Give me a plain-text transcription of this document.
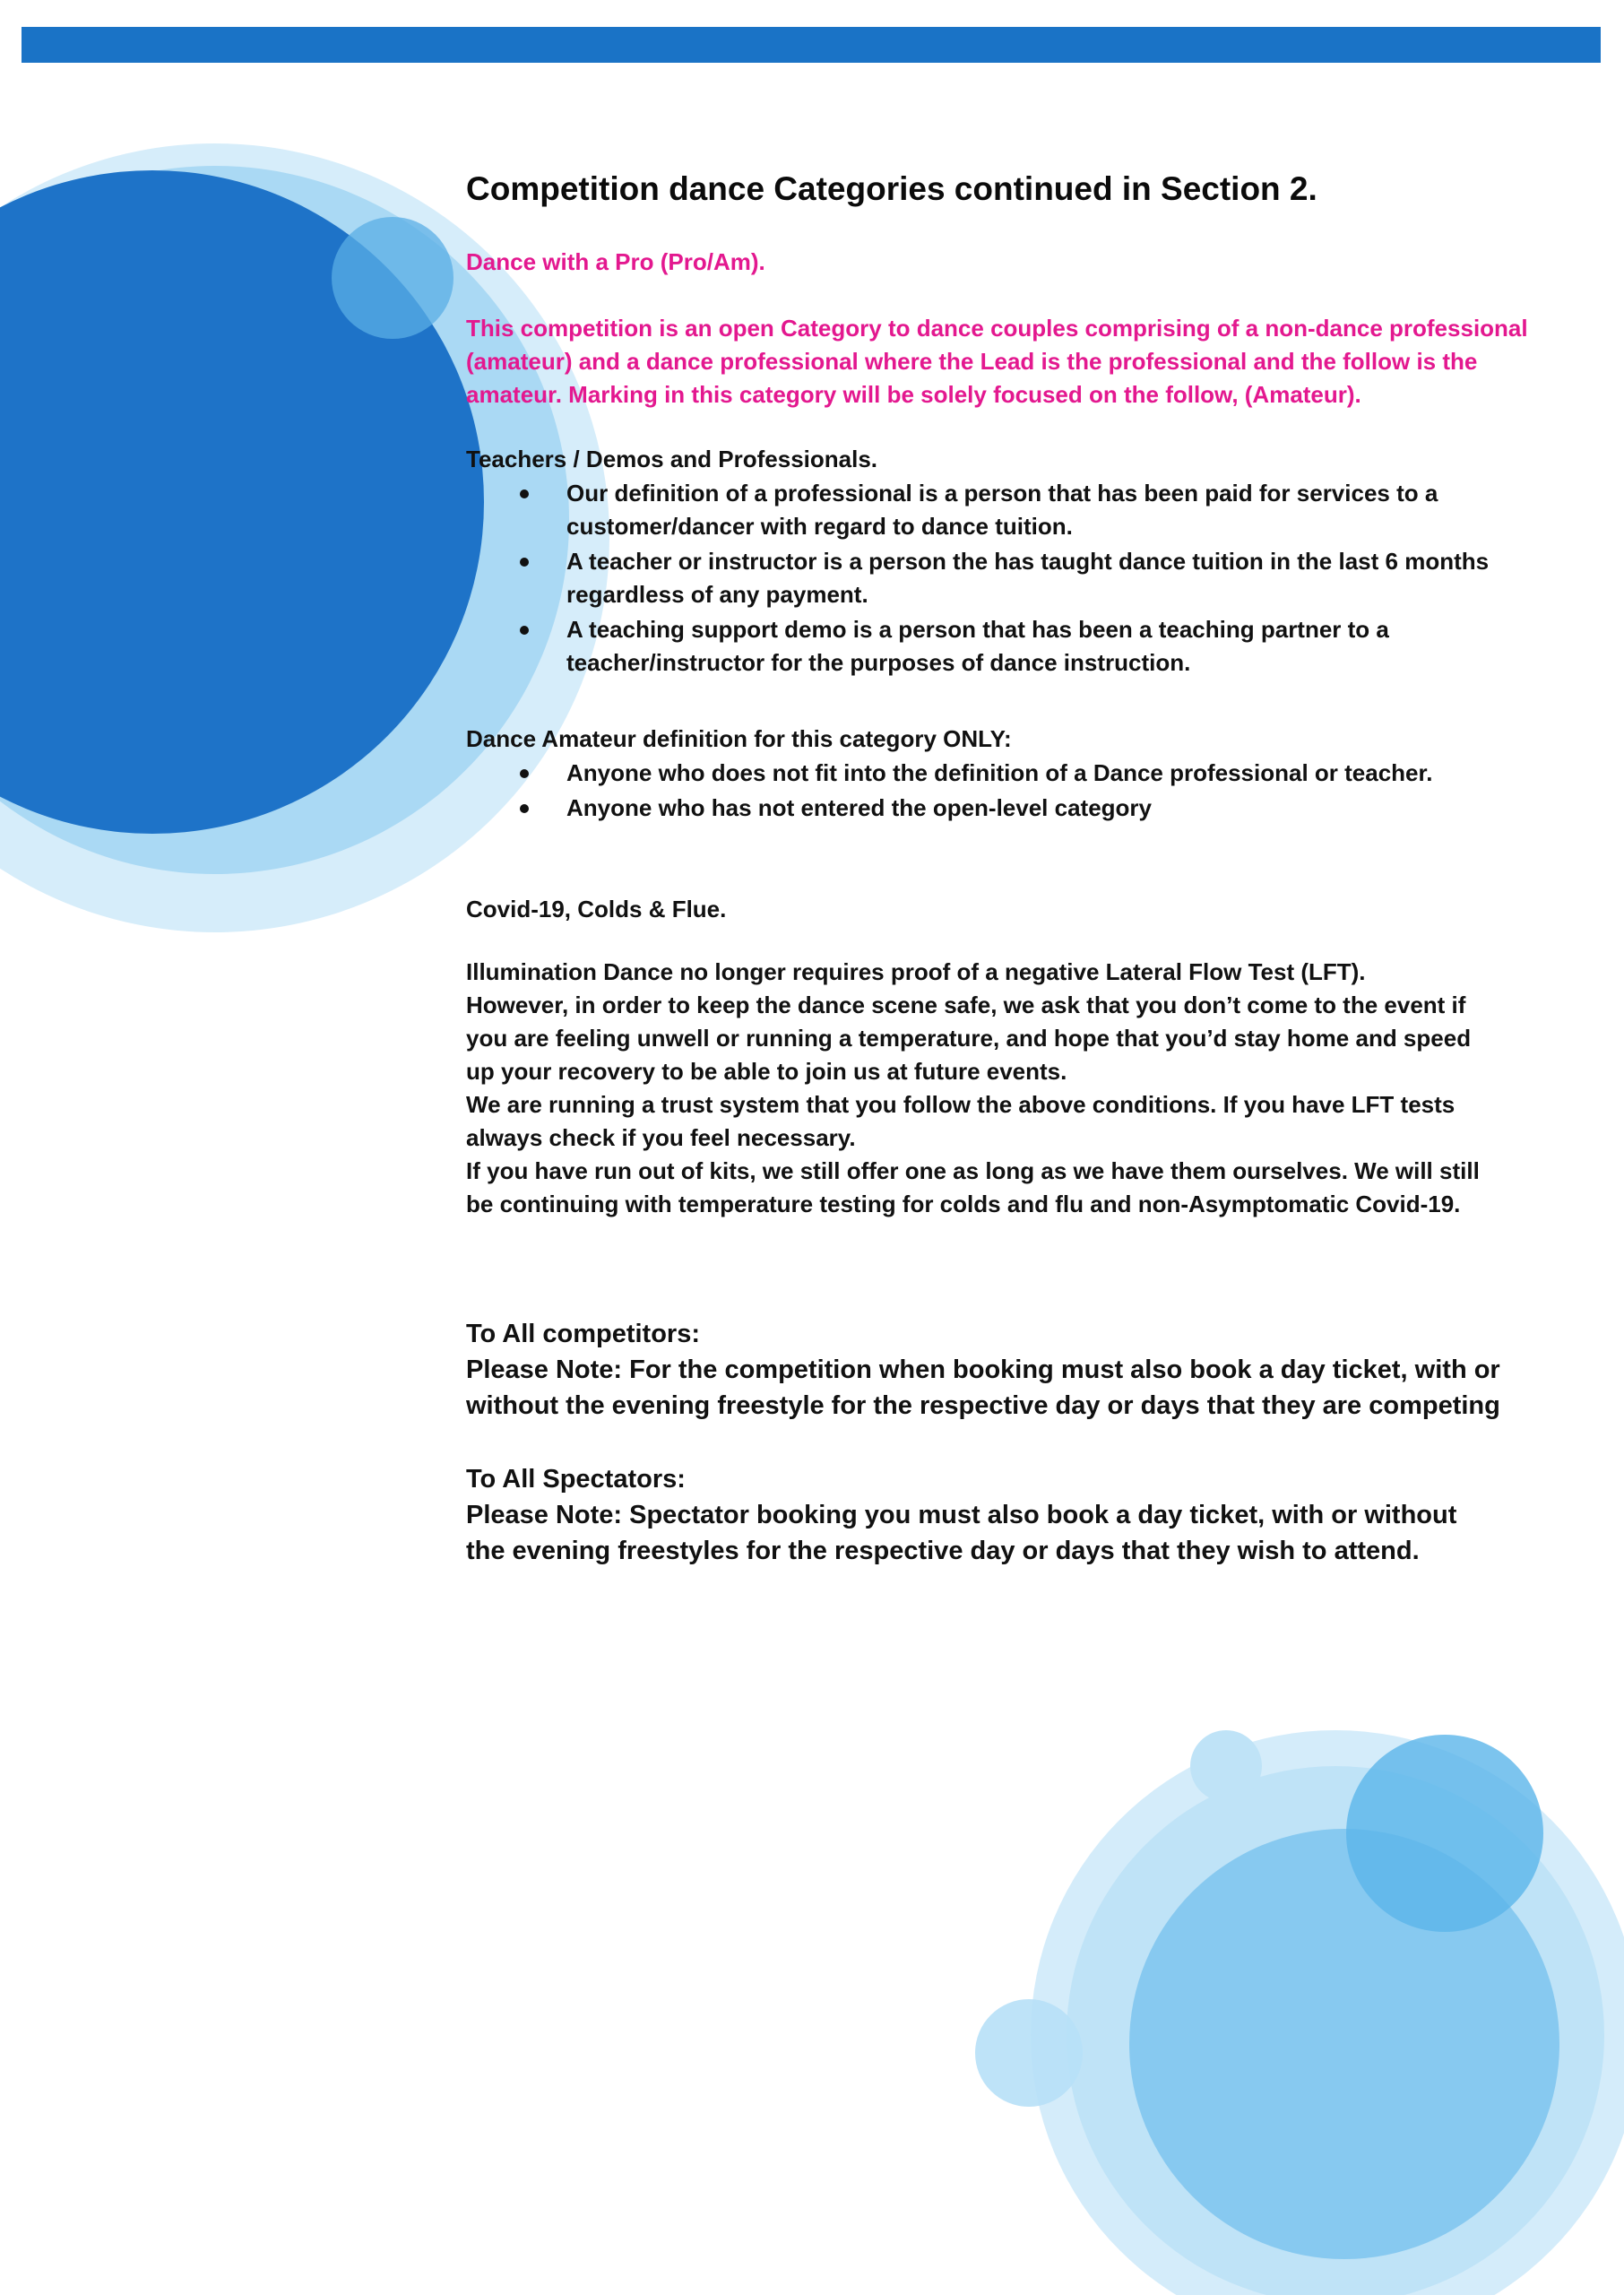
Competition dance Categories continued in Section 2.

Dance with a Pro (Pro/Am).

This competition is an open Category to dance couples comprising of a non-dance professional
(amateur) and a dance professional where the Lead is the professional and the follow is the
amateur. Marking in this category will be solely focused on the follow, (Amateur).

Teachers / Demos and Professionals.

Our definition of a professional is a person that has been paid for services to a
customer/dancer with regard to dance tuition.
A teacher or instructor is a person the has taught dance tuition in the last 6 months
regardless of any payment.
A teaching support demo is a person that has been a teaching partner to a
teacher/instructor for the purposes of dance instruction.

Dance Amateur definition for this category ONLY:

Anyone who does not fit into the definition of a Dance professional or teacher.
Anyone who has not entered the open-level category

Covid-19, Colds & Flue.

Illumination Dance no longer requires proof of a negative Lateral Flow Test (LFT).
However, in order to keep the dance scene safe, we ask that you don’t come to the event if
you are feeling unwell or running a temperature, and hope that you’d stay home and speed
up your recovery to be able to join us at future events.
We are running a trust system that you follow the above conditions. If you have LFT tests
always check if you feel necessary.
If you have run out of kits, we still offer one as long as we have them ourselves. We will still
be continuing with temperature testing for colds and flu and non-Asymptomatic Covid-19.

To All competitors:
Please Note: For the competition when booking must also book a day ticket, with or
without the evening freestyle for the respective day or days that they are competing

To All Spectators:
Please Note: Spectator booking you must also book a day ticket, with or without
the evening freestyles for the respective day or days that they wish to attend.
